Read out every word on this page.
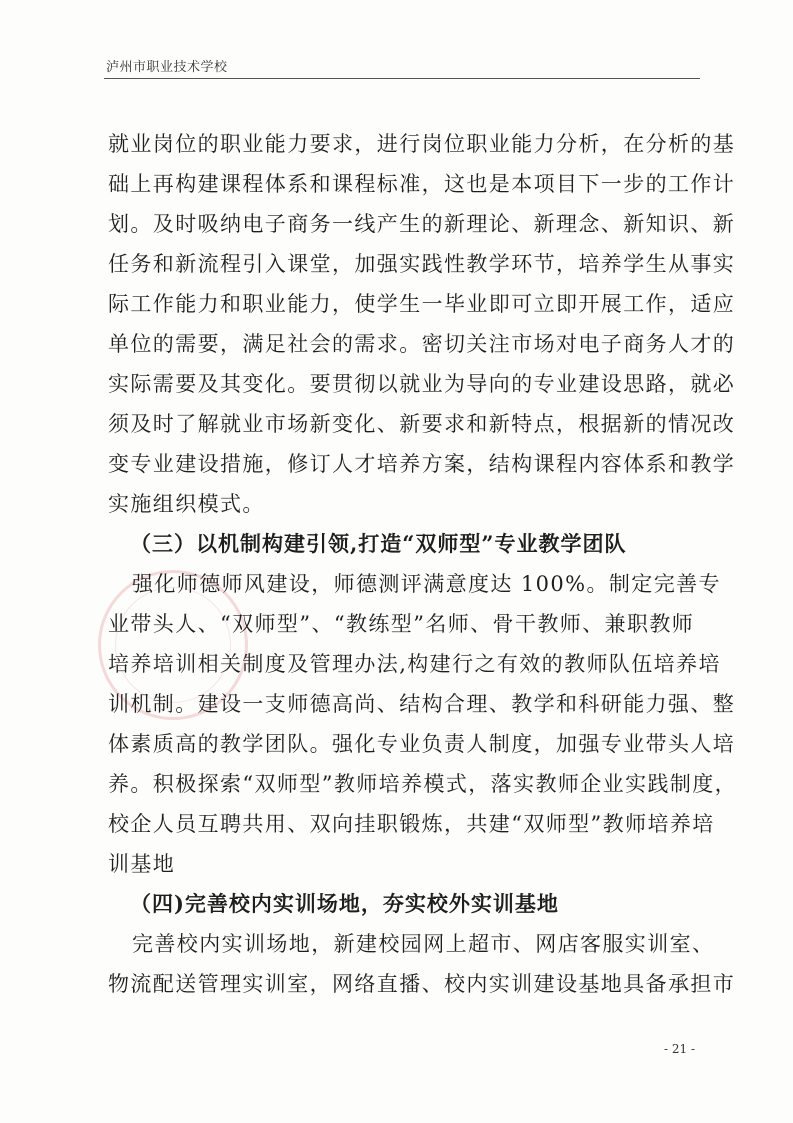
泸州市职业技术学校
就业岗位的职业能力要求，进行岗位职业能力分析，在分析的基
础上再构建课程体系和课程标准，这也是本项目下一步的工作计
划。及时吸纳电子商务一线产生的新理论、新理念、新知识、新
任务和新流程引入课堂，加强实践性教学环节，培养学生从事实
际工作能力和职业能力，使学生一毕业即可立即开展工作，适应
单位的需要，满足社会的需求。密切关注市场对电子商务人才的
实际需要及其变化。要贯彻以就业为导向的专业建设思路，就必
须及时了解就业市场新变化、新要求和新特点，根据新的情况改
变专业建设措施，修订人才培养方案，结构课程内容体系和教学
实施组织模式。
（三）以机制构建引领,打造“双师型”专业教学团队
强化师德师风建设，师德测评满意度达 100%。制定完善专
业带头人、“双师型”、“教练型”名师、骨干教师、兼职教师
培养培训相关制度及管理办法,构建行之有效的教师队伍培养培
训机制。建设一支师德高尚、结构合理、教学和科研能力强、整
体素质高的教学团队。强化专业负责人制度，加强专业带头人培
养。积极探索“双师型”教师培养模式，落实教师企业实践制度，
校企人员互聘共用、双向挂职锻炼，共建“双师型”教师培养培
训基地
（四)完善校内实训场地，夯实校外实训基地
完善校内实训场地，新建校园网上超市、网店客服实训室、
物流配送管理实训室，网络直播、校内实训建设基地具备承担市
- 21 -
